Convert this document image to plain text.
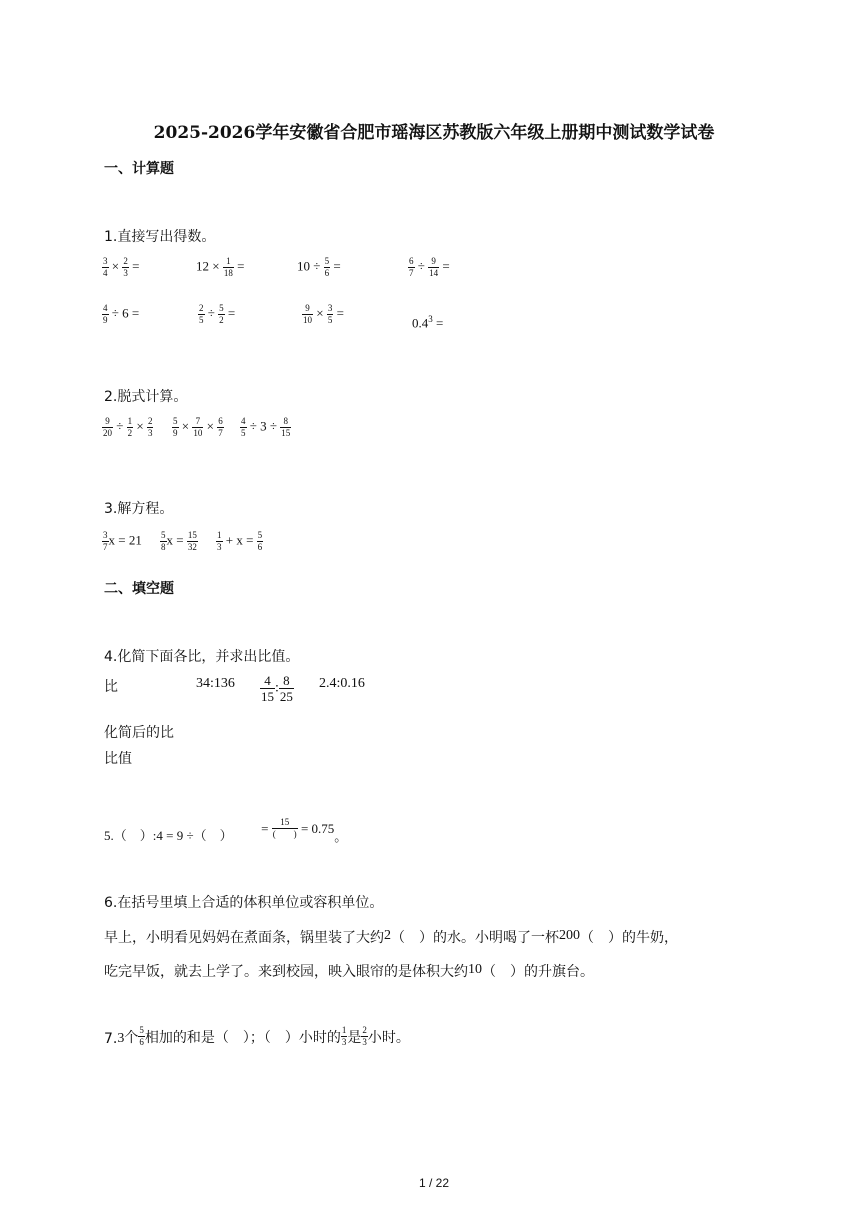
2025-2026学年安徽省合肥市瑶海区苏教版六年级上册期中测试数学试卷
一、计算题
1.直接写出得数。
$\frac{3}{4} \times \frac{2}{3}$ =	$12 \times \frac{1}{18}$ =	$10 \div \frac{5}{6}$ =	$\frac{6}{7} \div \frac{9}{14}$ =
$\frac{4}{9} \div 6$ =	$\frac{2}{5} \div \frac{5}{2}$ =	$\frac{9}{10} \times \frac{3}{5}$ =
$0.4^3$ =
2.脱式计算。
$\frac{9}{20} \div \frac{1}{2} \times \frac{2}{3} \frac{5}{9} \times \frac{7}{10} \times \frac{6}{7} \frac{4}{5} \div 3 \div \frac{8}{15}$
3.解方程。
$\frac{3}{7}$ $x = 21 \frac{5}{8}$ $x = \frac{15}{32} \frac{1}{3} + x = \frac{5}{6}$
二、填空题
4.化简下面各比，并求出比值。
比	34:136 $\frac{4}{15}$ : $\frac{8}{25}$ 2.4:0.16
化简后的比
比值
5.（　）:4 = 9 ÷（　） = $\frac{15}{( )} = 0.75$。
6.在括号里填上合适的体积单位或容积单位。
早上，小明看见妈妈在煮面条，锅里装了大约2（　）的水。小明喝了一杯200（　）的牛奶，
吃完早饭，就去上学了。来到校园，映入眼帘的是体积大约10（　）的升旗台。
7.3个 $\frac{5}{6}$ 相加的和是（　）；（　）小时的 $\frac{1}{3}$ 是 $\frac{2}{3}$ 小时。
1 / 22
